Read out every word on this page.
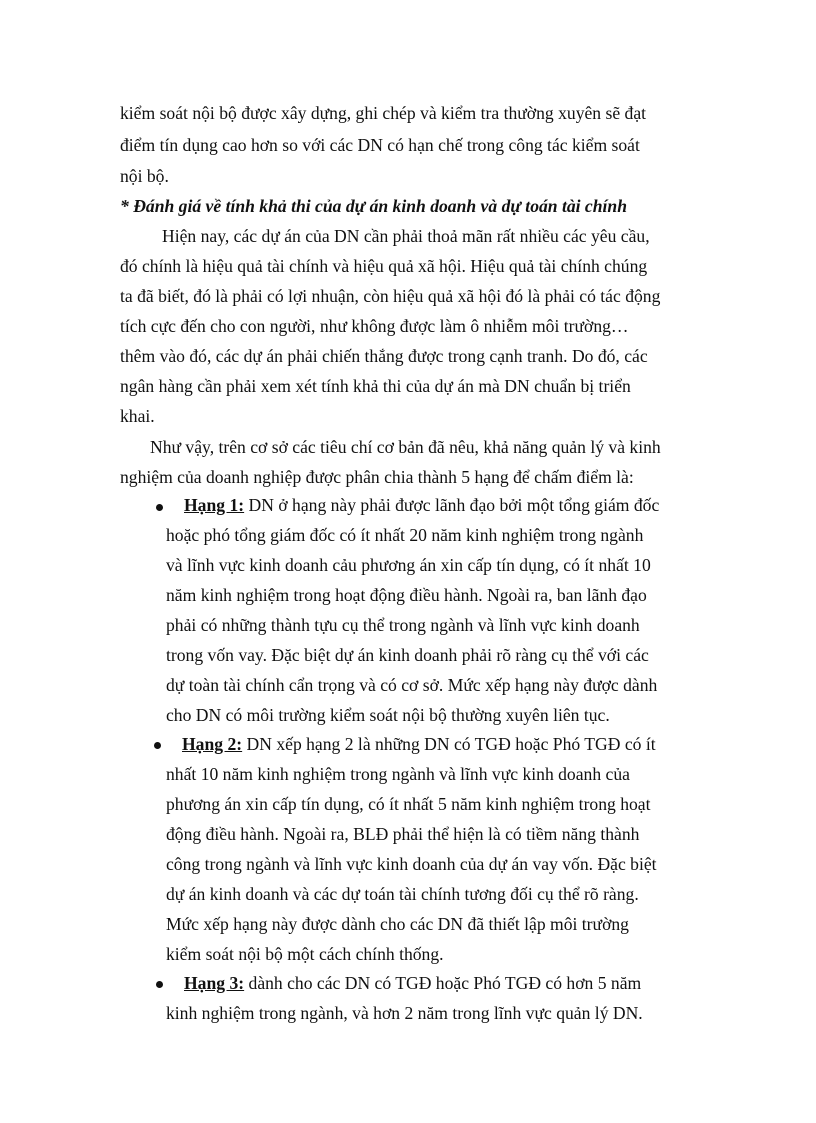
kiểm soát nội bộ được xây dựng, ghi chép và kiểm tra thường xuyên sẽ đạt
điểm tín dụng cao hơn so với các DN có hạn chế trong công tác kiểm soát
nội bộ.
* Đánh giá về tính khả thi của dự án kinh doanh và dự toán tài chính
Hiện nay, các dự án của DN cần phải thoả mãn rất nhiều các yêu cầu,
đó chính là hiệu quả tài chính và hiệu quả xã hội. Hiệu quả tài chính chúng
ta đã biết, đó là phải có lợi nhuận, còn hiệu quả xã hội đó là phải có tác động
tích cực đến cho con người, như không được làm ô nhiễm môi trường…
thêm vào đó, các dự án phải chiến thắng được trong cạnh tranh. Do đó, các
ngân hàng cần phải xem xét tính khả thi của dự án mà DN chuẩn bị triển
khai.
Như vậy, trên cơ sở các tiêu chí cơ bản đã nêu, khả năng quản lý và kinh
nghiệm của doanh nghiệp được phân chia thành 5 hạng để chấm điểm là:
Hạng 1: DN ở hạng này phải được lãnh đạo bởi một tổng giám đốc
hoặc phó tổng giám đốc có ít nhất 20 năm kinh nghiệm trong ngành
và lĩnh vực kinh doanh cảu phương án xin cấp tín dụng, có ít nhất 10
năm kinh nghiệm trong hoạt động điều hành. Ngoài ra, ban lãnh đạo
phải có những thành tựu cụ thể trong ngành và lĩnh vực kinh doanh
trong vốn vay. Đặc biệt dự án kinh doanh phải rõ ràng cụ thể với các
dự toàn tài chính cẩn trọng và có cơ sở. Mức xếp hạng này được dành
cho DN có môi trường kiểm soát nội bộ thường xuyên liên tục.
Hạng 2: DN xếp hạng 2 là những DN có TGĐ hoặc Phó TGĐ có ít
nhất 10 năm kinh nghiệm trong ngành và lĩnh vực kinh doanh của
phương án xin cấp tín dụng, có ít nhất 5 năm kinh nghiệm trong hoạt
động điều hành. Ngoài ra, BLĐ phải thể hiện là có tiềm năng thành
công trong ngành và lĩnh vực kinh doanh của dự án vay vốn. Đặc biệt
dự án kinh doanh và các dự toán tài chính tương đối cụ thể rõ ràng.
Mức xếp hạng này được dành cho các DN đã thiết lập môi trường
kiểm soát nội bộ một cách chính thống.
Hạng 3: dành cho các DN có TGĐ hoặc Phó TGĐ có hơn 5 năm
kinh nghiệm trong ngành, và hơn 2 năm trong lĩnh vực quản lý DN.
